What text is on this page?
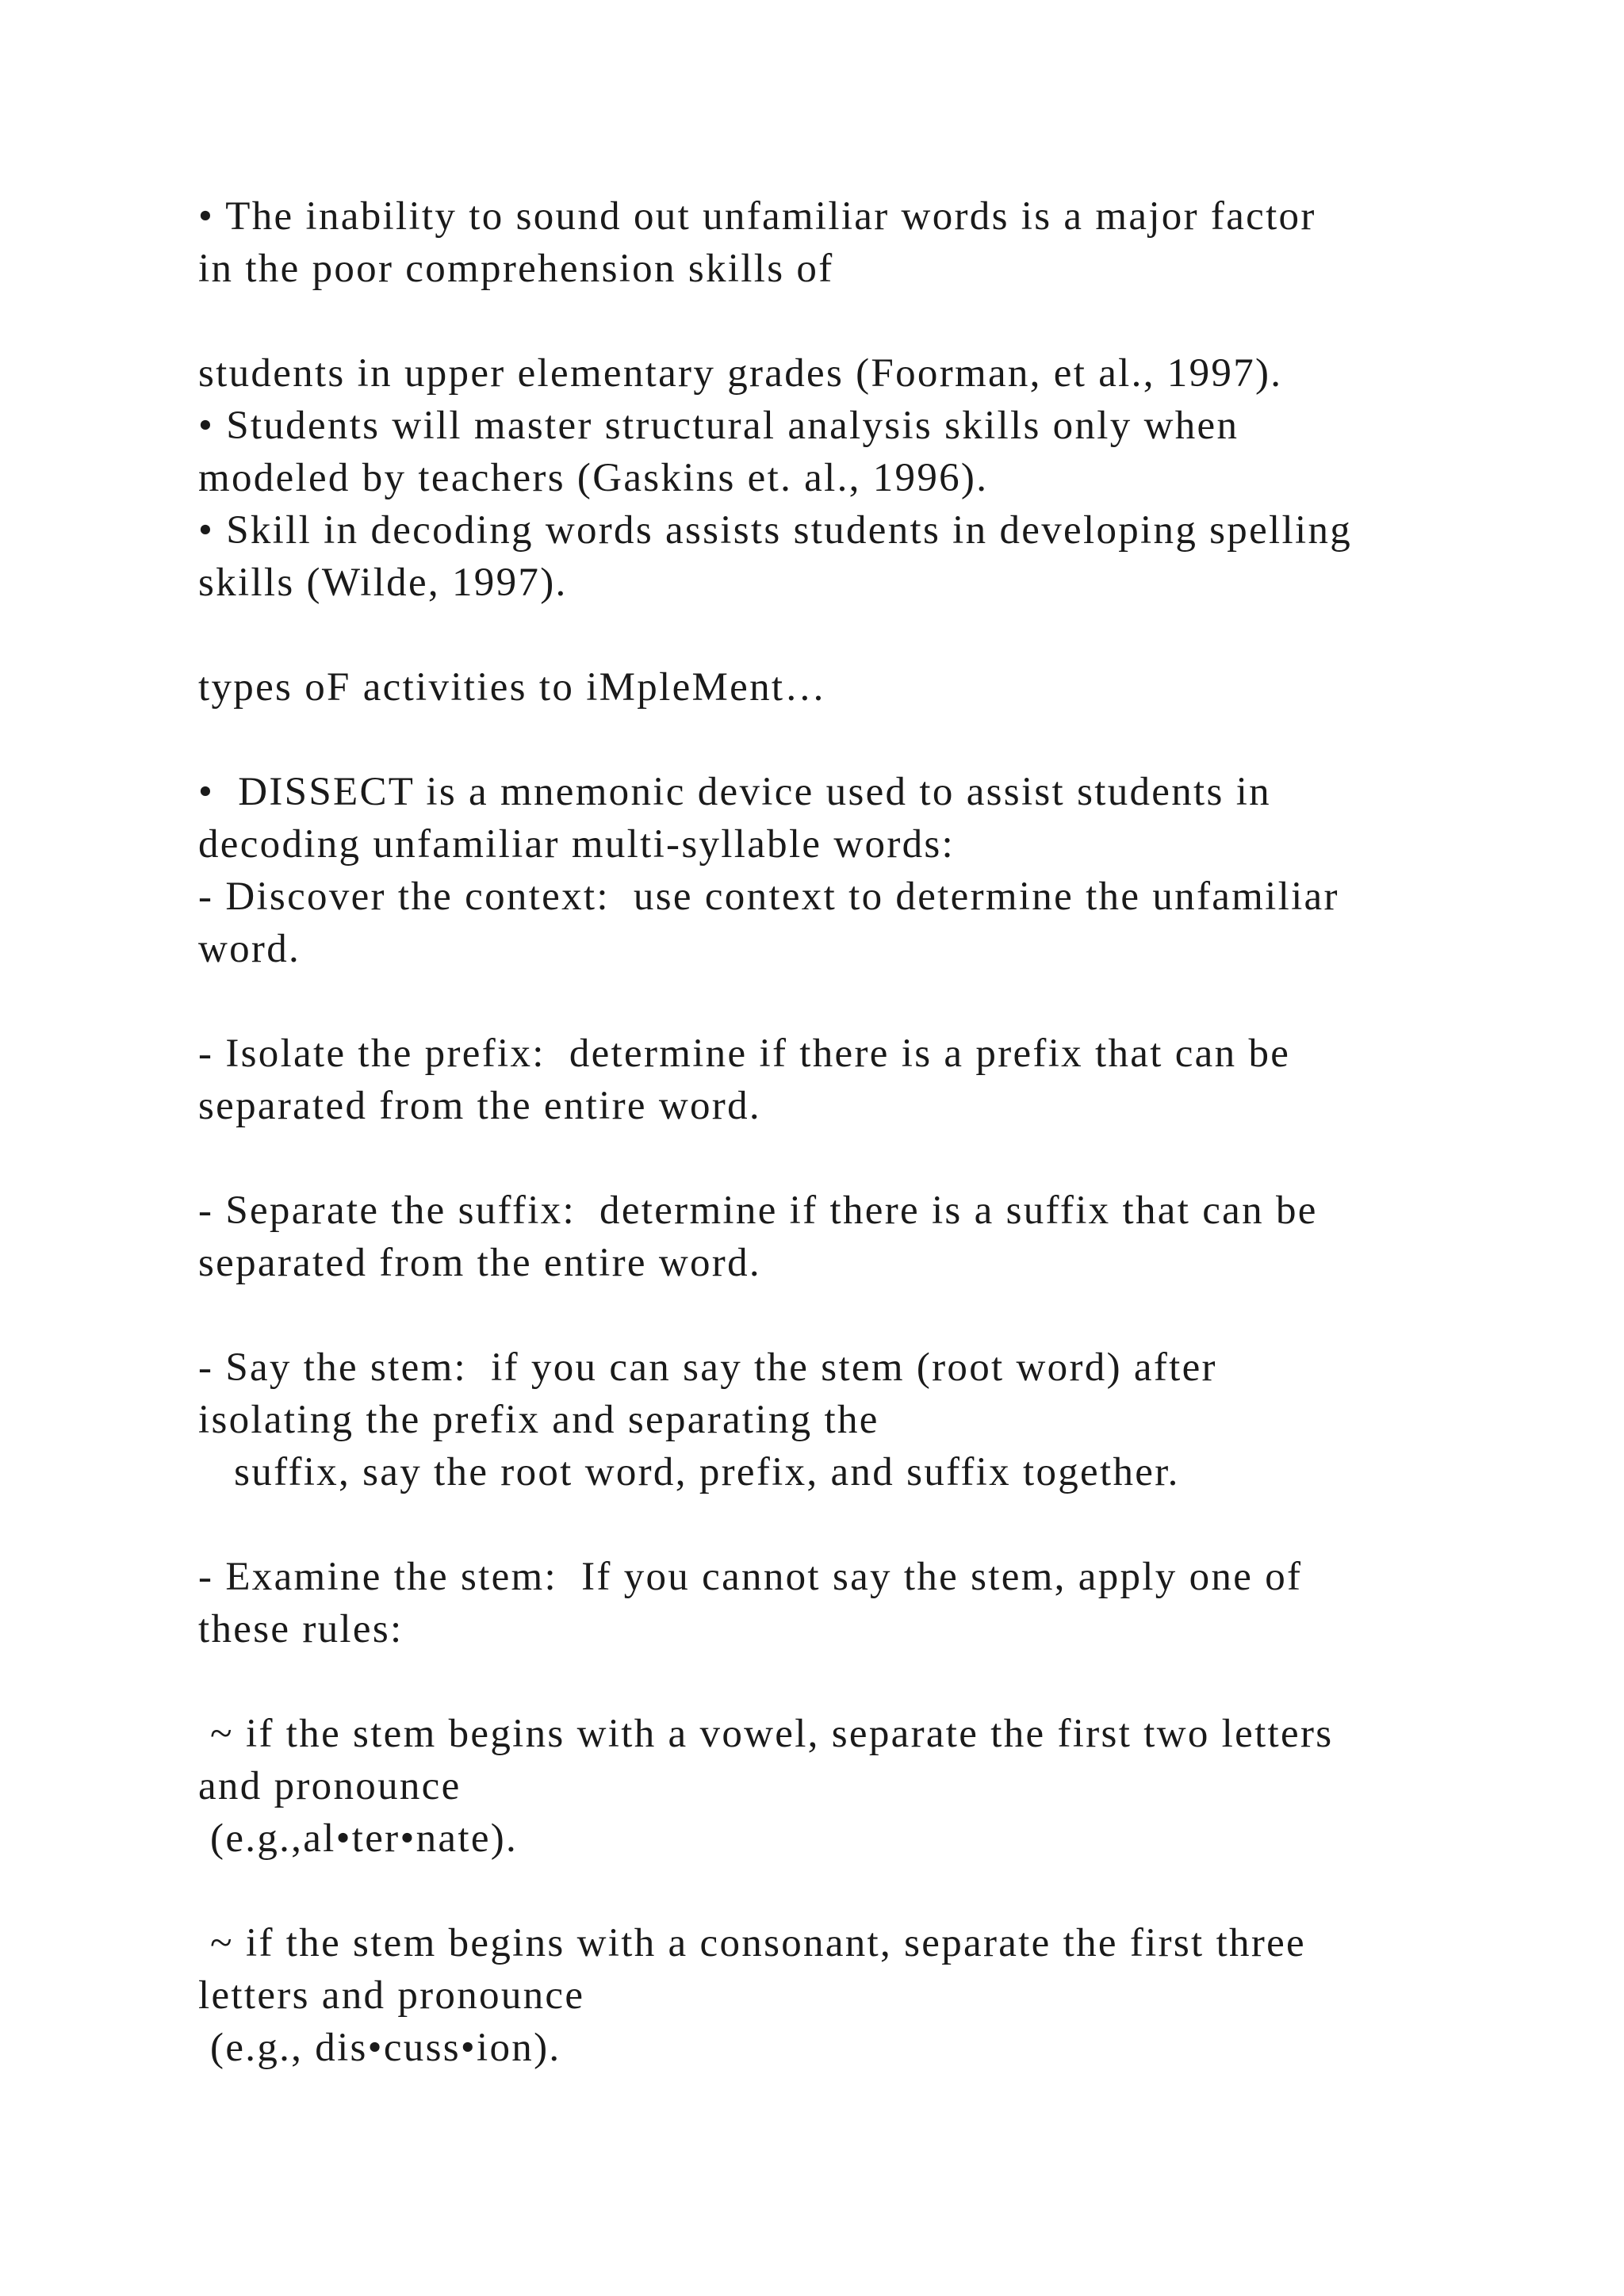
• The inability to sound out unfamiliar words is a major factor
in the poor comprehension skills of
students in upper elementary grades (Foorman, et al., 1997).
• Students will master structural analysis skills only when
modeled by teachers (Gaskins et. al., 1996).
• Skill in decoding words assists students in developing spelling
skills (Wilde, 1997).
types oF activities to iMpleMent…
•  DISSECT is a mnemonic device used to assist students in
decoding unfamiliar multi-syllable words:
- Discover the context:  use context to determine the unfamiliar
word.
- Isolate the prefix:  determine if there is a prefix that can be
separated from the entire word.
- Separate the suffix:  determine if there is a suffix that can be
separated from the entire word.
- Say the stem:  if you can say the stem (root word) after
isolating the prefix and separating the
suffix, say the root word, prefix, and suffix together.
- Examine the stem:  If you cannot say the stem, apply one of
these rules:
~ if the stem begins with a vowel, separate the first two letters
and pronounce
(e.g.,al•ter•nate).
~ if the stem begins with a consonant, separate the first three
letters and pronounce
(e.g., dis•cuss•ion).
